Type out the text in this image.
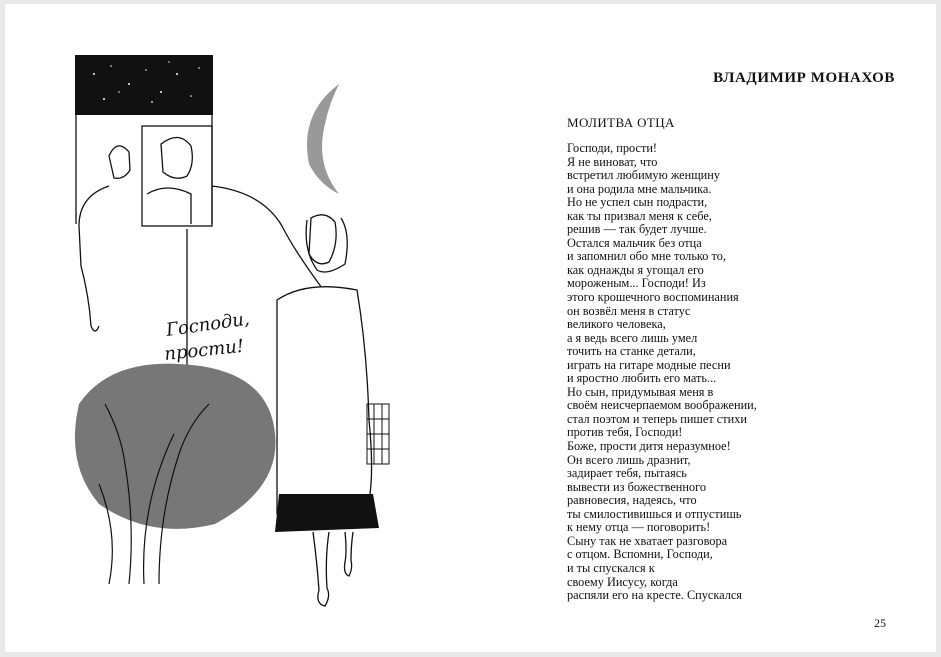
Господи,
прости!
ВЛАДИМИР МОНАХОВ
МОЛИТВА ОТЦА
Господи, прости!
Я не виноват, что
встретил любимую женщину
и она родила мне мальчика.
Но не успел сын подрасти,
как ты призвал меня к себе,
решив — так будет лучше.
Остался мальчик без отца
и запомнил обо мне только то,
как однажды я угощал его
мороженым... Господи! Из
этого крошечного воспоминания
он возвёл меня в статус
великого человека,
а я ведь всего лишь умел
точить на станке детали,
играть на гитаре модные песни
и яростно любить его мать...
Но сын, придумывая меня в
своём неисчерпаемом воображении,
стал поэтом и теперь пишет стихи
против тебя, Господи!
Боже, прости дитя неразумное!
Он всего лишь дразнит,
задирает тебя, пытаясь
вывести из божественного
равновесия, надеясь, что
ты смилостивишься и отпустишь
к нему отца — поговорить!
Сыну так не хватает разговора
с отцом. Вспомни, Господи,
и ты спускался к
своему Иисусу, когда
распяли его на кресте. Спускался
25
